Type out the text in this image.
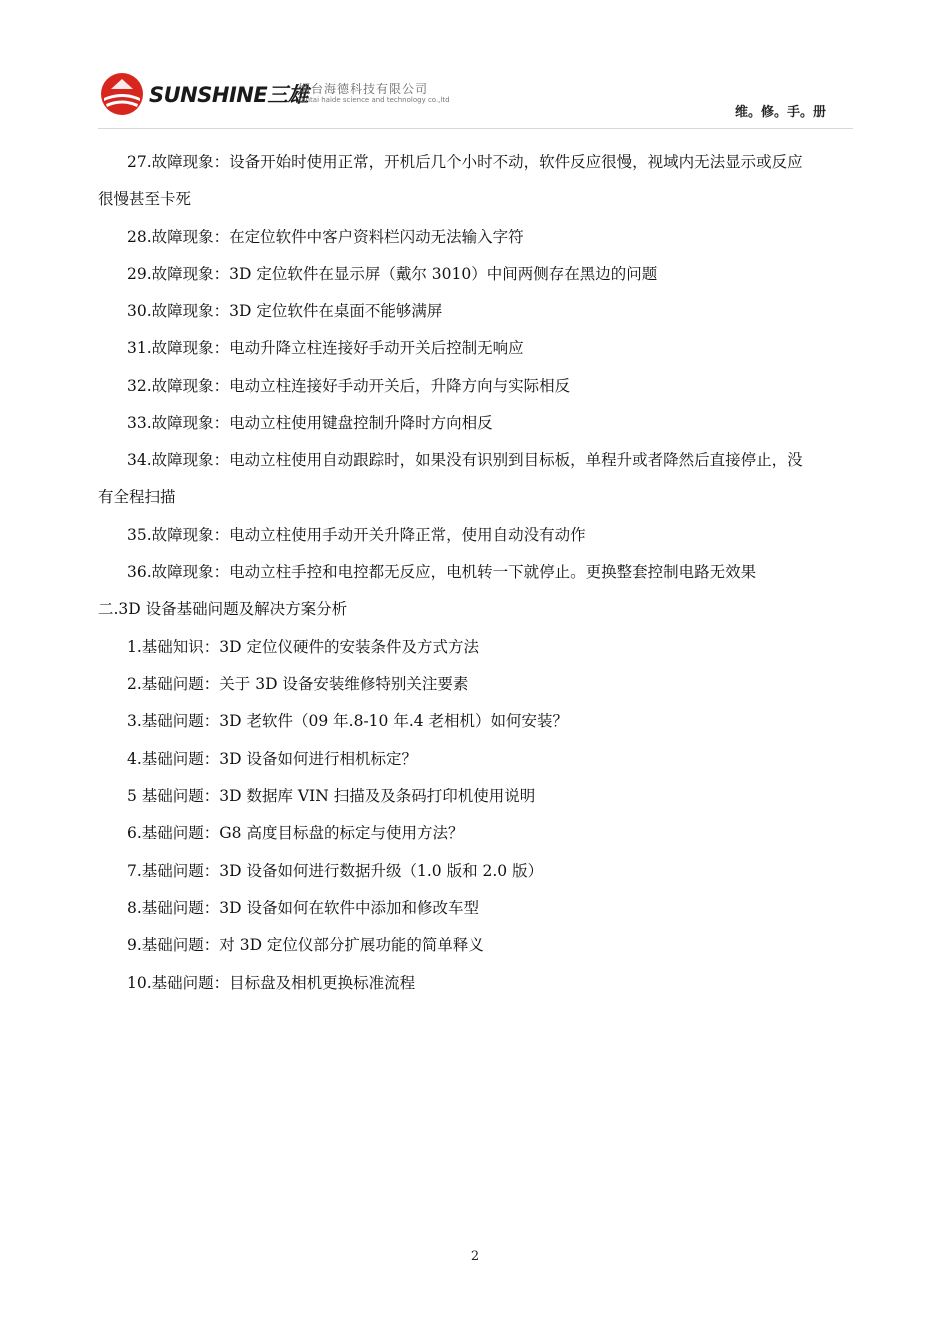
SUNSHINE三雄
烟台海德科技有限公司
Yantai haide science and technology co.,ltd
维。修。手。册
27.故障现象：设备开始时使用正常，开机后几个小时不动，软件反应很慢，视域内无法显示或反应
很慢甚至卡死
28.故障现象：在定位软件中客户资料栏闪动无法输入字符
29.故障现象：3D 定位软件在显示屏（戴尔 3010）中间两侧存在黑边的问题
30.故障现象：3D 定位软件在桌面不能够满屏
31.故障现象：电动升降立柱连接好手动开关后控制无响应
32.故障现象：电动立柱连接好手动开关后，升降方向与实际相反
33.故障现象：电动立柱使用键盘控制升降时方向相反
34.故障现象：电动立柱使用自动跟踪时，如果没有识别到目标板，单程升或者降然后直接停止，没
有全程扫描
35.故障现象：电动立柱使用手动开关升降正常，使用自动没有动作
36.故障现象：电动立柱手控和电控都无反应，电机转一下就停止。更换整套控制电路无效果
二.3D 设备基础问题及解决方案分析
1.基础知识：3D 定位仪硬件的安装条件及方式方法
2.基础问题：关于 3D 设备安装维修特别关注要素
3.基础问题：3D 老软件（09 年.8-10 年.4 老相机）如何安装？
4.基础问题：3D 设备如何进行相机标定？
5 基础问题：3D 数据库 VIN 扫描及及条码打印机使用说明
6.基础问题：G8 高度目标盘的标定与使用方法？
7.基础问题：3D 设备如何进行数据升级（1.0 版和 2.0 版）
8.基础问题：3D 设备如何在软件中添加和修改车型
9.基础问题：对 3D 定位仪部分扩展功能的简单释义
10.基础问题：目标盘及相机更换标准流程
2
